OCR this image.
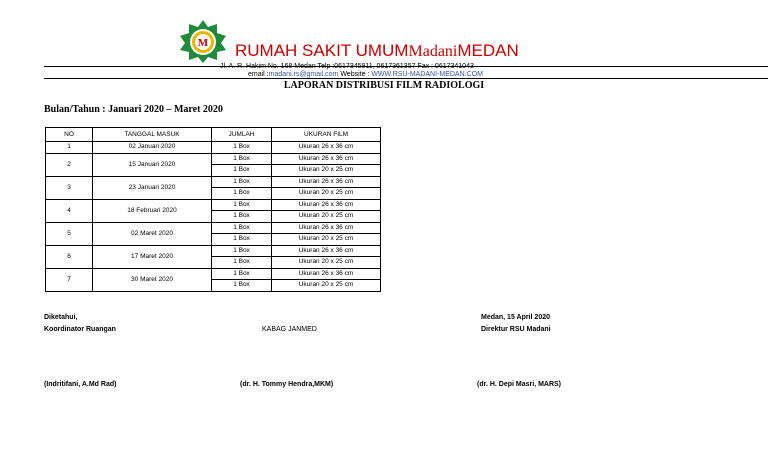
M RUMAH SAKIT UMUMMadaniMEDAN
Jl. A. R. Hakim No. 168 Medan Telp :0617345911, 0617361357 Fax : 0617341043
email :madani.rs@gmail.com Website : WWW.RSU-MADANI-MEDAN.COM
LAPORAN DISTRIBUSI FILM RADIOLOGI
Bulan/Tahun : Januari 2020 – Maret 2020
NO	TANGGAL MASUK	JUMLAH	UKURAN FILM
1	02 Januari 2020	1 Box	Ukuran 26 x 36 cm
2	15 Januari 2020	1 Box	Ukuran 26 x 36 cm
		1 Box	Ukuran 20 x 25 cm
3	23 Januari 2020	1 Box	Ukuran 26 x 36 cm
		1 Box	Ukuran 20 x 25 cm
4	18 Februari 2020	1 Box	Ukuran 26 x 36 cm
		1 Box	Ukuran 20 x 25 cm
5	02 Maret 2020	1 Box	Ukuran 26 x 36 cm
		1 Box	Ukuran 20 x 25 cm
6	17 Maret 2020	1 Box	Ukuran 26 x 36 cm
		1 Box	Ukuran 20 x 25 cm
7	30 Maret 2020	1 Box	Ukuran 26 x 36 cm
		1 Box	Ukuran 20 x 25 cm
Diketahui,
Koordinator Ruangan	KABAG JANMED
Medan, 15 April 2020
Direktur RSU Madani
(Indritifani, A.Md Rad)	(dr. H. Tommy Hendra,MKM)	(dr. H. Depi Masri, MARS)
